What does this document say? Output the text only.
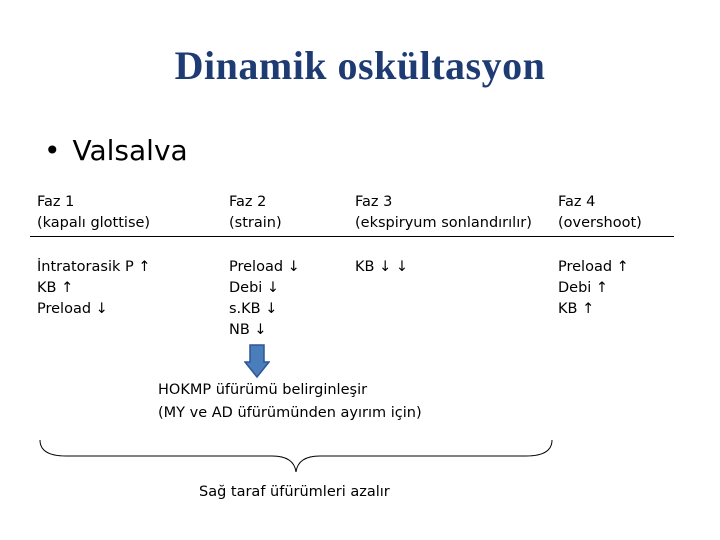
Dinamik oskültasyon
• Valsalva
Faz 1
(kapalı glottise)
Faz 2
(strain)
Faz 3
(ekspiryum sonlandırılır)
Faz 4
(overshoot)
İntratorasik P ↑
KB ↑
Preload ↓
Preload ↓
Debi ↓
s.KB ↓
NB ↓
KB ↓ ↓	Preload ↑
Debi ↑
KB ↑
HOKMP üfürümü belirginleşir
(MY ve AD üfürümünden ayırım için)
Sağ taraf üfürümleri azalır
